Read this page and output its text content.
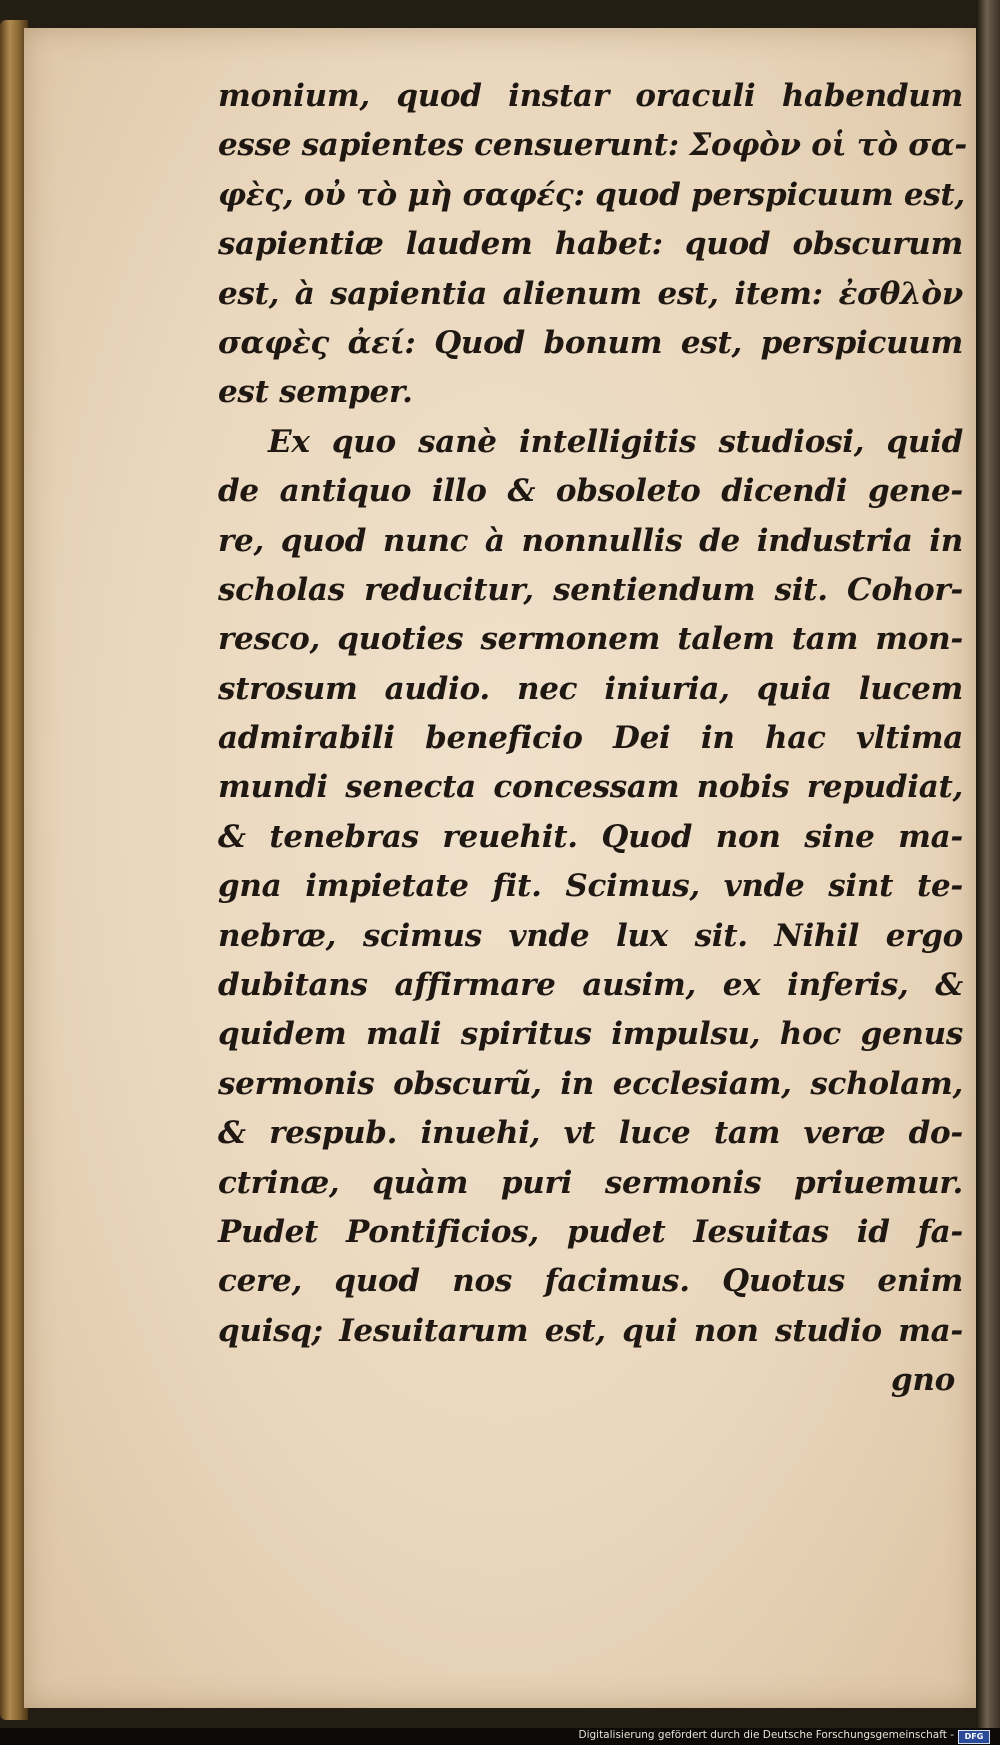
monium, quod instar oraculi habendum
esse sapientes censuerunt: Σοφὸν οἱ τὸ σα-
φὲς, οὐ τὸ μὴ σαφές: quod perspicuum est,
sapientiæ laudem habet: quod obscurum
est, à sapientia alienum est, item: ἐσθλὸν
σαφὲς ἀεί: Quod bonum est, perspicuum
est semper.
Ex quo sanè intelligitis studiosi, quid
de antiquo illo & obsoleto dicendi gene-
re, quod nunc à nonnullis de industria in
scholas reducitur, sentiendum sit. Cohor-
resco, quoties sermonem talem tam mon-
strosum audio. nec iniuria, quia lucem
admirabili beneficio Dei in hac vltima
mundi senecta concessam nobis repudiat,
& tenebras reuehit. Quod non sine ma-
gna impietate fit. Scimus, vnde sint te-
nebræ, scimus vnde lux sit. Nihil ergo
dubitans affirmare ausim, ex inferis, &
quidem mali spiritus impulsu, hoc genus
sermonis obscurũ, in ecclesiam, scholam,
& respub. inuehi, vt luce tam veræ do-
ctrinæ, quàm puri sermonis priuemur.
Pudet Pontificios, pudet Iesuitas id fa-
cere, quod nos facimus. Quotus enim
quisq; Iesuitarum est, qui non studio ma-
gno
Digitalisierung gefördert durch die Deutsche Forschungsgemeinschaft -	DFG
